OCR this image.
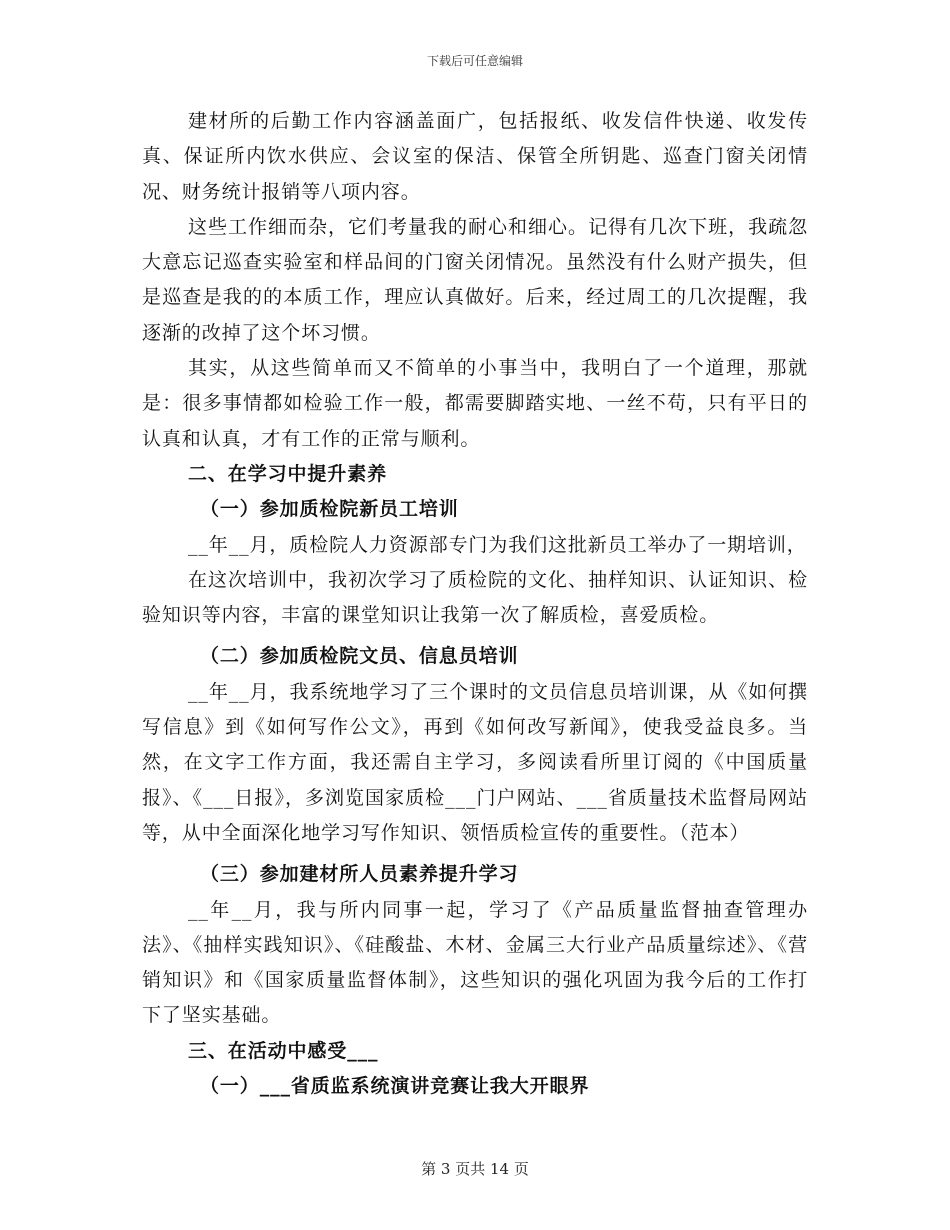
下载后可任意编辑

建材所的后勤工作内容涵盖面广，包括报纸、收发信件快递、收发传真、保证所内饮水供应、会议室的保洁、保管全所钥匙、巡查门窗关闭情况、财务统计报销等八项内容。

这些工作细而杂，它们考量我的耐心和细心。记得有几次下班，我疏忽大意忘记巡查实验室和样品间的门窗关闭情况。虽然没有什么财产损失，但是巡查是我的的本质工作，理应认真做好。后来，经过周工的几次提醒，我逐渐的改掉了这个坏习惯。

其实，从这些简单而又不简单的小事当中，我明白了一个道理，那就是：很多事情都如检验工作一般，都需要脚踏实地、一丝不苟，只有平日的认真和认真，才有工作的正常与顺利。

二、在学习中提升素养

（一）参加质检院新员工培训

__年__月，质检院人力资源部专门为我们这批新员工举办了一期培训，

在这次培训中，我初次学习了质检院的文化、抽样知识、认证知识、检验知识等内容，丰富的课堂知识让我第一次了解质检，喜爱质检。

（二）参加质检院文员、信息员培训

__年__月，我系统地学习了三个课时的文员信息员培训课，从《如何撰写信息》到《如何写作公文》，再到《如何改写新闻》，使我受益良多。当然，在文字工作方面，我还需自主学习，多阅读看所里订阅的《中国质量报》、《___日报》，多浏览国家质检___门户网站、___省质量技术监督局网站等，从中全面深化地学习写作知识、领悟质检宣传的重要性。（范本）

（三）参加建材所人员素养提升学习

__年__月，我与所内同事一起，学习了《产品质量监督抽查管理办法》、《抽样实践知识》、《硅酸盐、木材、金属三大行业产品质量综述》、《营销知识》和《国家质量监督体制》，这些知识的强化巩固为我今后的工作打下了坚实基础。

三、在活动中感受___

（一）___省质监系统演讲竞赛让我大开眼界

第 3 页共 14 页
